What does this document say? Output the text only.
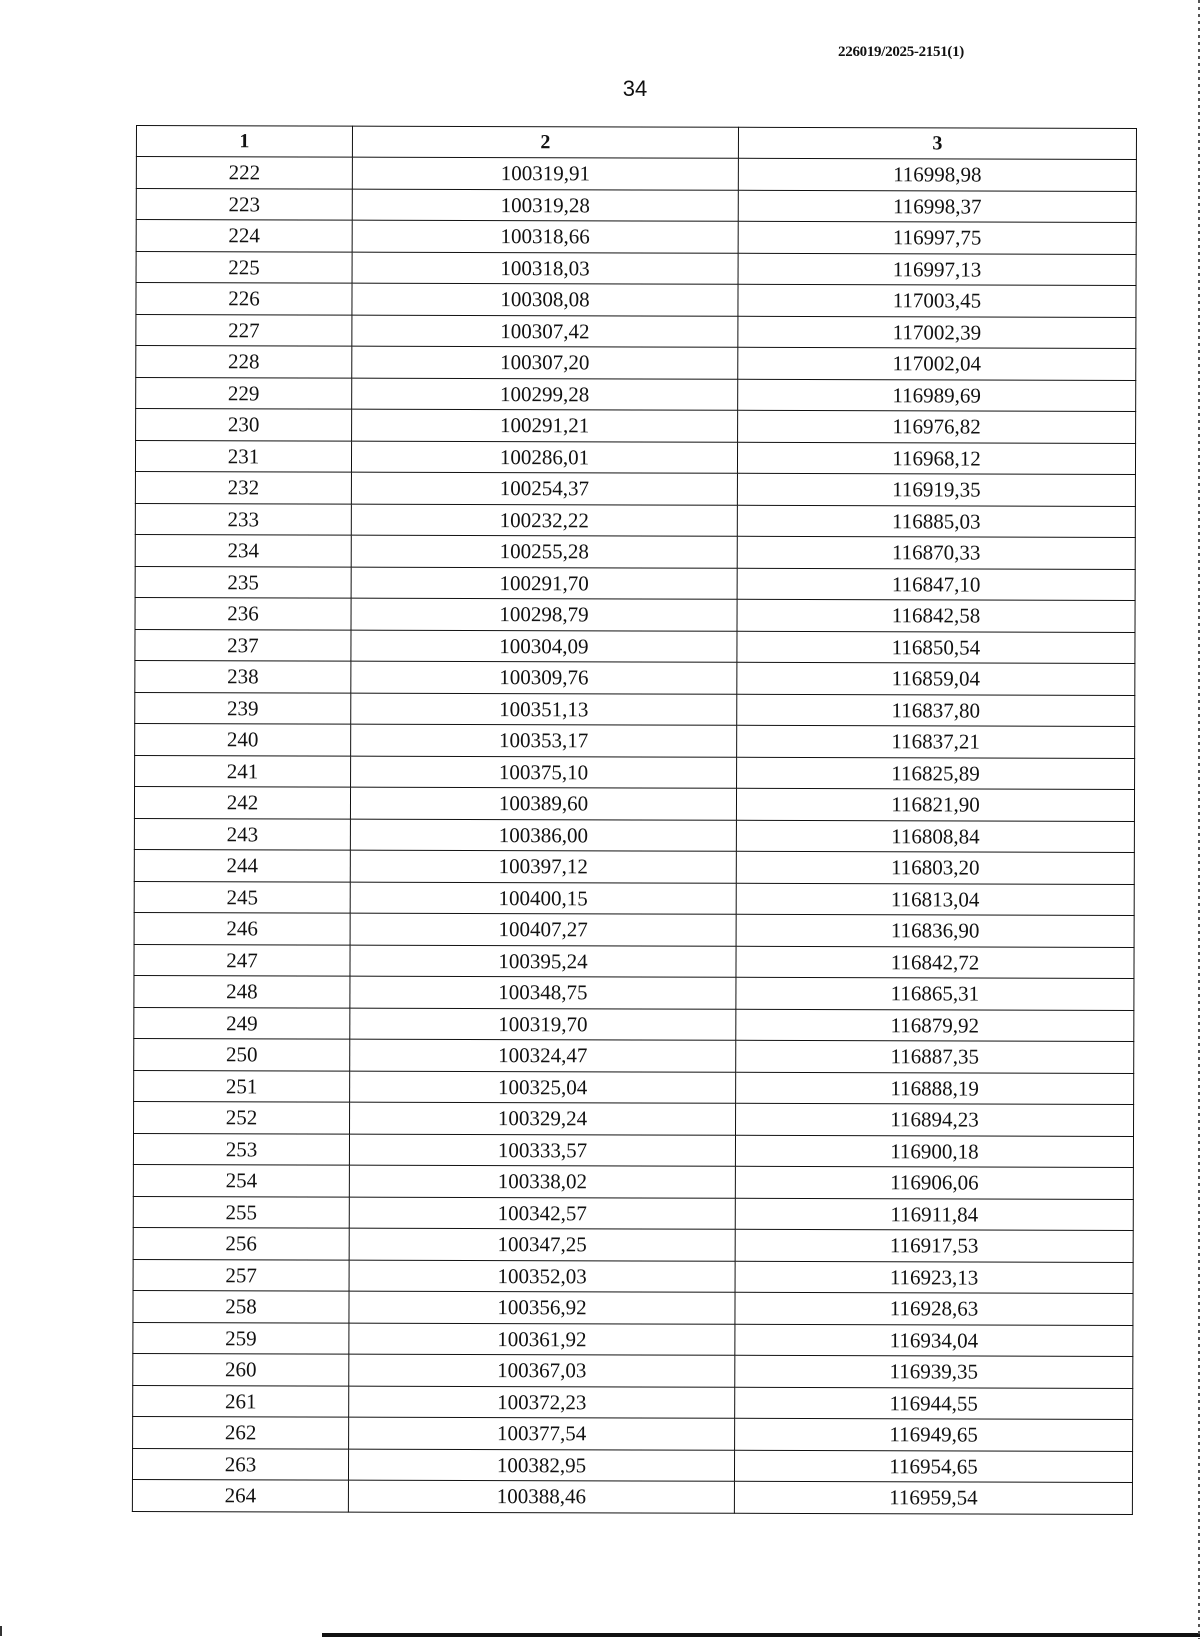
226019/2025-2151(1)
34
1	2	3
222	100319,91	116998,98
223	100319,28	116998,37
224	100318,66	116997,75
225	100318,03	116997,13
226	100308,08	117003,45
227	100307,42	117002,39
228	100307,20	117002,04
229	100299,28	116989,69
230	100291,21	116976,82
231	100286,01	116968,12
232	100254,37	116919,35
233	100232,22	116885,03
234	100255,28	116870,33
235	100291,70	116847,10
236	100298,79	116842,58
237	100304,09	116850,54
238	100309,76	116859,04
239	100351,13	116837,80
240	100353,17	116837,21
241	100375,10	116825,89
242	100389,60	116821,90
243	100386,00	116808,84
244	100397,12	116803,20
245	100400,15	116813,04
246	100407,27	116836,90
247	100395,24	116842,72
248	100348,75	116865,31
249	100319,70	116879,92
250	100324,47	116887,35
251	100325,04	116888,19
252	100329,24	116894,23
253	100333,57	116900,18
254	100338,02	116906,06
255	100342,57	116911,84
256	100347,25	116917,53
257	100352,03	116923,13
258	100356,92	116928,63
259	100361,92	116934,04
260	100367,03	116939,35
261	100372,23	116944,55
262	100377,54	116949,65
263	100382,95	116954,65
264	100388,46	116959,54
